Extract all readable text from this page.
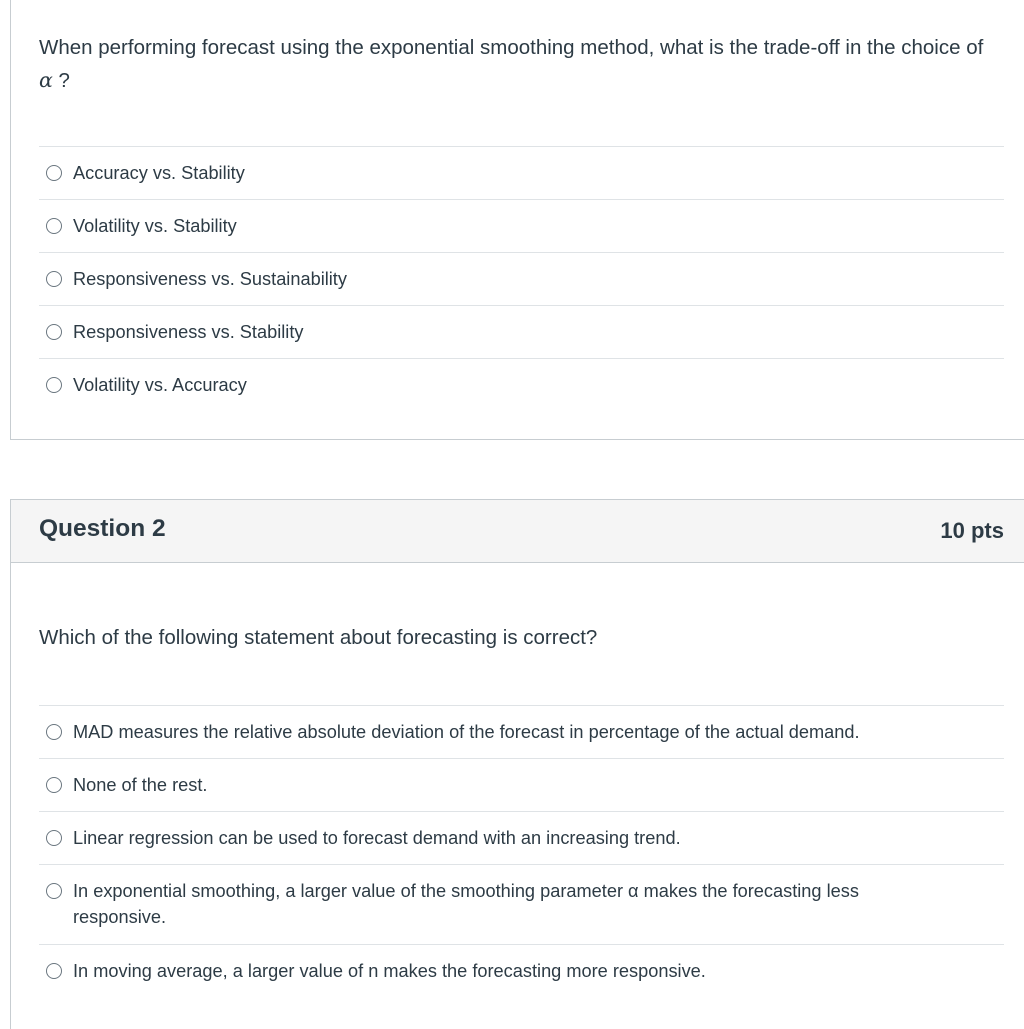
When performing forecast using the exponential smoothing method, what is the trade-off in the choice of α ?
Accuracy vs. Stability
Volatility vs. Stability
Responsiveness vs. Sustainability
Responsiveness vs. Stability
Volatility vs. Accuracy
Question 2	10 pts
Which of the following statement about forecasting is correct?
MAD measures the relative absolute deviation of the forecast in percentage of the actual demand.
None of the rest.
Linear regression can be used to forecast demand with an increasing trend.
In exponential smoothing, a larger value of the smoothing parameter α makes the forecasting less responsive.
In moving average, a larger value of n makes the forecasting more responsive.
